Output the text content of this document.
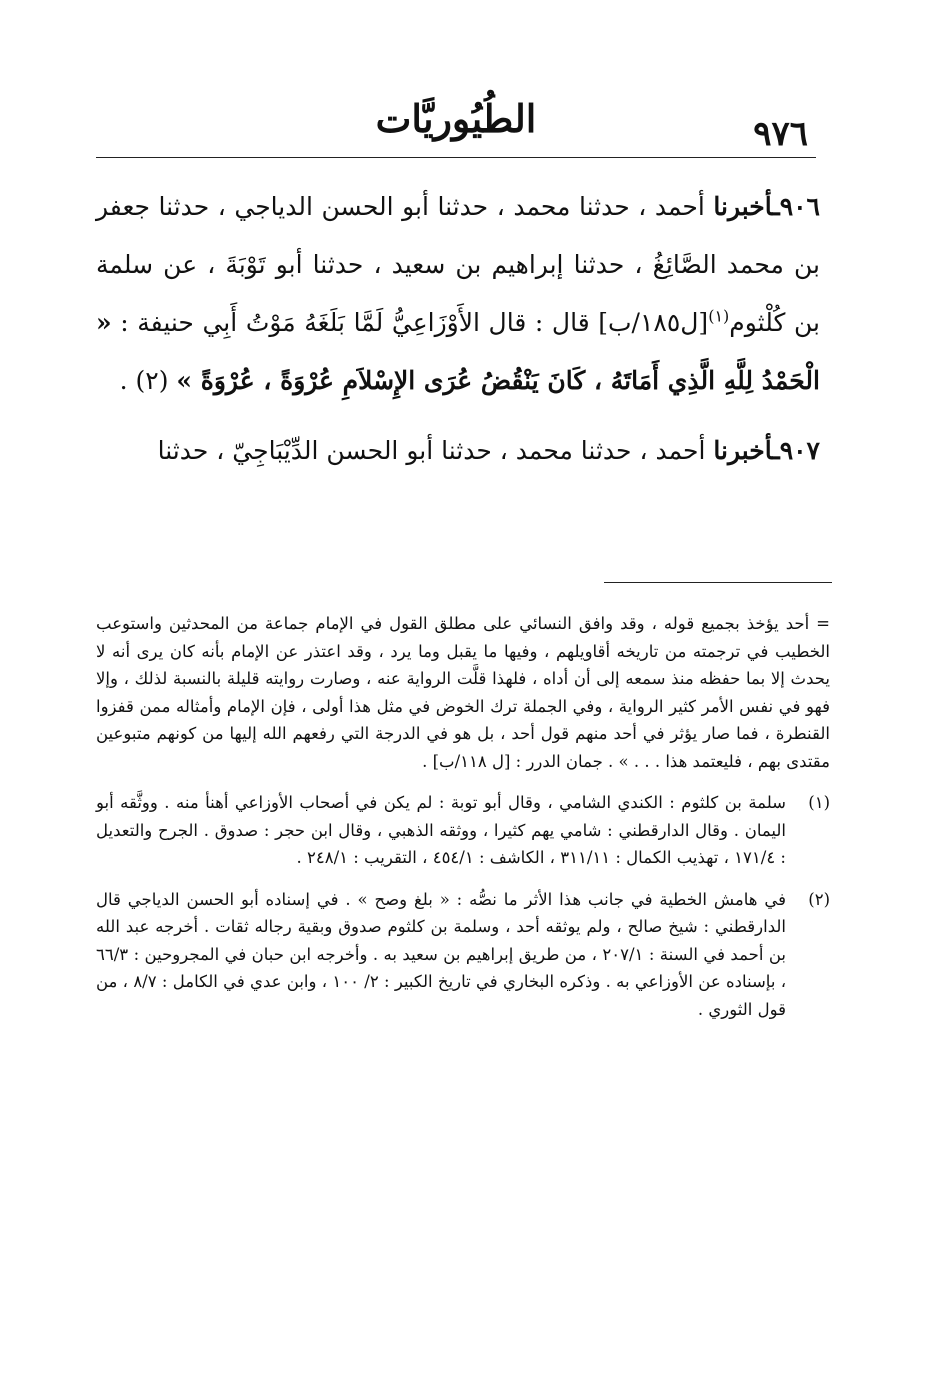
٩٧٦
الطُيُوريَّات

٩٠٦ـأخبرنا أحمد ، حدثنا محمد ، حدثنا أبو الحسن الدياجي ، حدثنا جعفر بن محمد الصَّائِغُ ، حدثنا إبراهيم بن سعيد ، حدثنا أبو تَوْبَةَ ، عن سلمة بن كُلْثوم$^{(١)}$[ل١٨٥/ب] قال : قال الأَوْزَاعِيُّ لَمَّا بَلَغَهُ مَوْتُ أَبِي حنيفة : « الْحَمْدُ لِلَّهِ الَّذِي أَمَاتَهُ ، كَانَ يَنْقُضُ عُرَى الإِسْلاَمِ عُرْوَةً ، عُرْوَةً » (٢) .

٩٠٧ـأخبرنا أحمد ، حدثنا محمد ، حدثنا أبو الحسن الدِّيْبَاجِيّ ، حدثنا

= أحد يؤخذ بجميع قوله ، وقد وافق النسائي على مطلق القول في الإمام جماعة من المحدثين واستوعب الخطيب في ترجمته من تاريخه أقاويلهم ، وفيها ما يقبل وما يرد ، وقد اعتذر عن الإمام بأنه كان يرى أنه لا يحدث إلا بما حفظه منذ سمعه إلى أن أداه ، فلهذا قلَّت الرواية عنه ، وصارت روايته قليلة بالنسبة لذلك ، وإلا فهو في نفس الأمر كثير الرواية ، وفي الجملة ترك الخوض في مثل هذا أولى ، فإن الإمام وأمثاله ممن قفزوا القنطرة ، فما صار يؤثر في أحد منهم قول أحد ، بل هو في الدرجة التي رفعهم الله إليها من كونهم متبوعين مقتدى بهم ، فليعتمد هذا . . . » . جمان الدرر : [ل ١١٨/ب] .

(١)
سلمة بن كلثوم : الكندي الشامي ، وقال أبو توبة : لم يكن في أصحاب الأوزاعي أهنأ منه . ووثَّقه أبو اليمان . وقال الدارقطني : شامي يهم كثيرا ، ووثقه الذهبي ، وقال ابن حجر : صدوق . الجرح والتعديل : ١٧١/٤ ، تهذيب الكمال : ٣١١/١١ ، الكاشف : ٤٥٤/١ ، التقريب : ٢٤٨/١ .

(٢)
في هامش الخطية في جانب هذا الأثر ما نصُّه : « بلغ وصح » . في إسناده أبو الحسن الدياجي قال الدارقطني : شيخ صالح ، ولم يوثقه أحد ، وسلمة بن كلثوم صدوق وبقية رجاله ثقات . أخرجه عبد الله بن أحمد في السنة : ٢٠٧/١ ، من طريق إبراهيم بن سعيد به . وأخرجه ابن حبان في المجروحين : ٦٦/٣ ، بإسناده عن الأوزاعي به . وذكره البخاري في تاريخ الكبير : ٢/ ١٠٠ ، وابن عدي في الكامل : ٨/٧ ، من قول الثوري .
